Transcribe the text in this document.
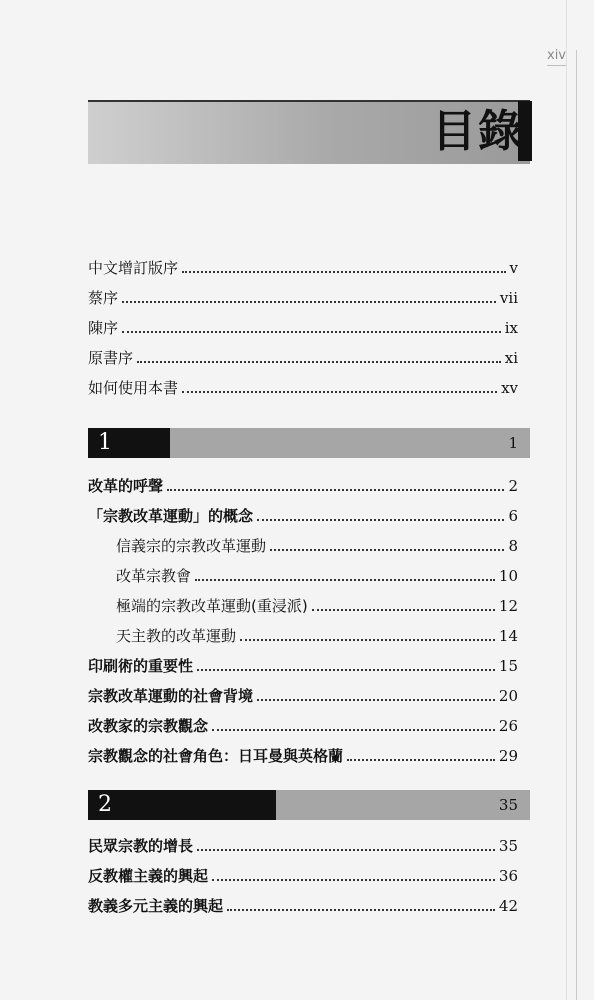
xiv
目錄
中文增訂版序	v
蔡序	vii
陳序	ix
原書序	xi
如何使用本書	xv
1	1
改革的呼聲	2
「宗教改革運動」的概念	6
信義宗的宗教改革運動	8
改革宗教會	10
極端的宗教改革運動(重浸派)	12
天主教的改革運動	14
印刷術的重要性	15
宗教改革運動的社會背境	20
改教家的宗教觀念	26
宗教觀念的社會角色：日耳曼與英格蘭	29
2	35
民眾宗教的增長	35
反教權主義的興起	36
教義多元主義的興起	42
